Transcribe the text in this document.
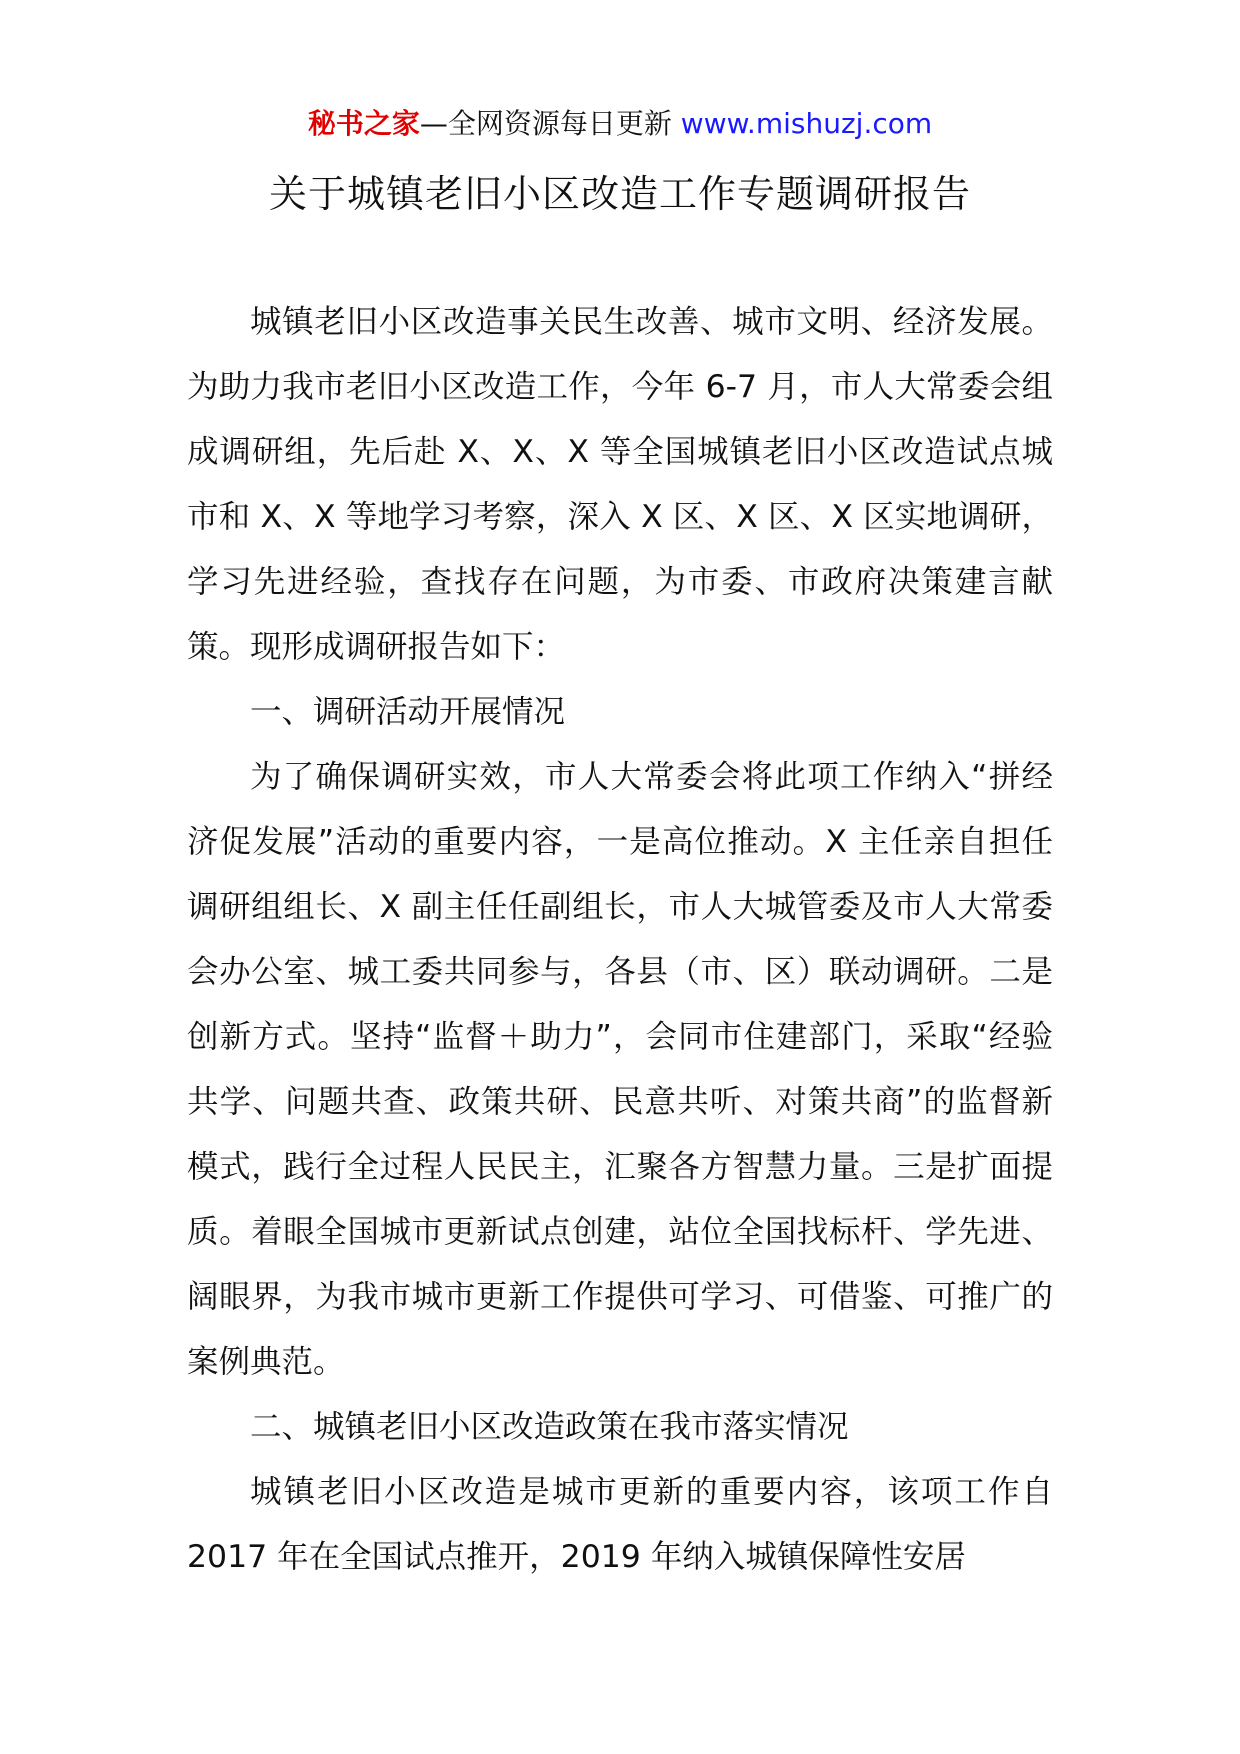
秘书之家—全网资源每日更新 www.mishuzj.com
关于城镇老旧小区改造工作专题调研报告

城镇老旧小区改造事关民生改善、城市文明、经济发展。为助力我市老旧小区改造工作，今年 6-7 月，市人大常委会组成调研组，先后赴 X、X、X 等全国城镇老旧小区改造试点城市和 X、X 等地学习考察，深入 X 区、X 区、X 区实地调研，学习先进经验，查找存在问题，为市委、市政府决策建言献策。现形成调研报告如下：

一、调研活动开展情况

为了确保调研实效，市人大常委会将此项工作纳入“拼经济促发展”活动的重要内容，一是高位推动。X 主任亲自担任调研组组长、X 副主任任副组长，市人大城管委及市人大常委会办公室、城工委共同参与，各县（市、区）联动调研。二是创新方式。坚持“监督＋助力”，会同市住建部门，采取“经验共学、问题共查、政策共研、民意共听、对策共商”的监督新模式，践行全过程人民民主，汇聚各方智慧力量。三是扩面提质。着眼全国城市更新试点创建，站位全国找标杆、学先进、阔眼界，为我市城市更新工作提供可学习、可借鉴、可推广的案例典范。

二、城镇老旧小区改造政策在我市落实情况

城镇老旧小区改造是城市更新的重要内容，该项工作自 2017 年在全国试点推开，2019 年纳入城镇保障性安居
